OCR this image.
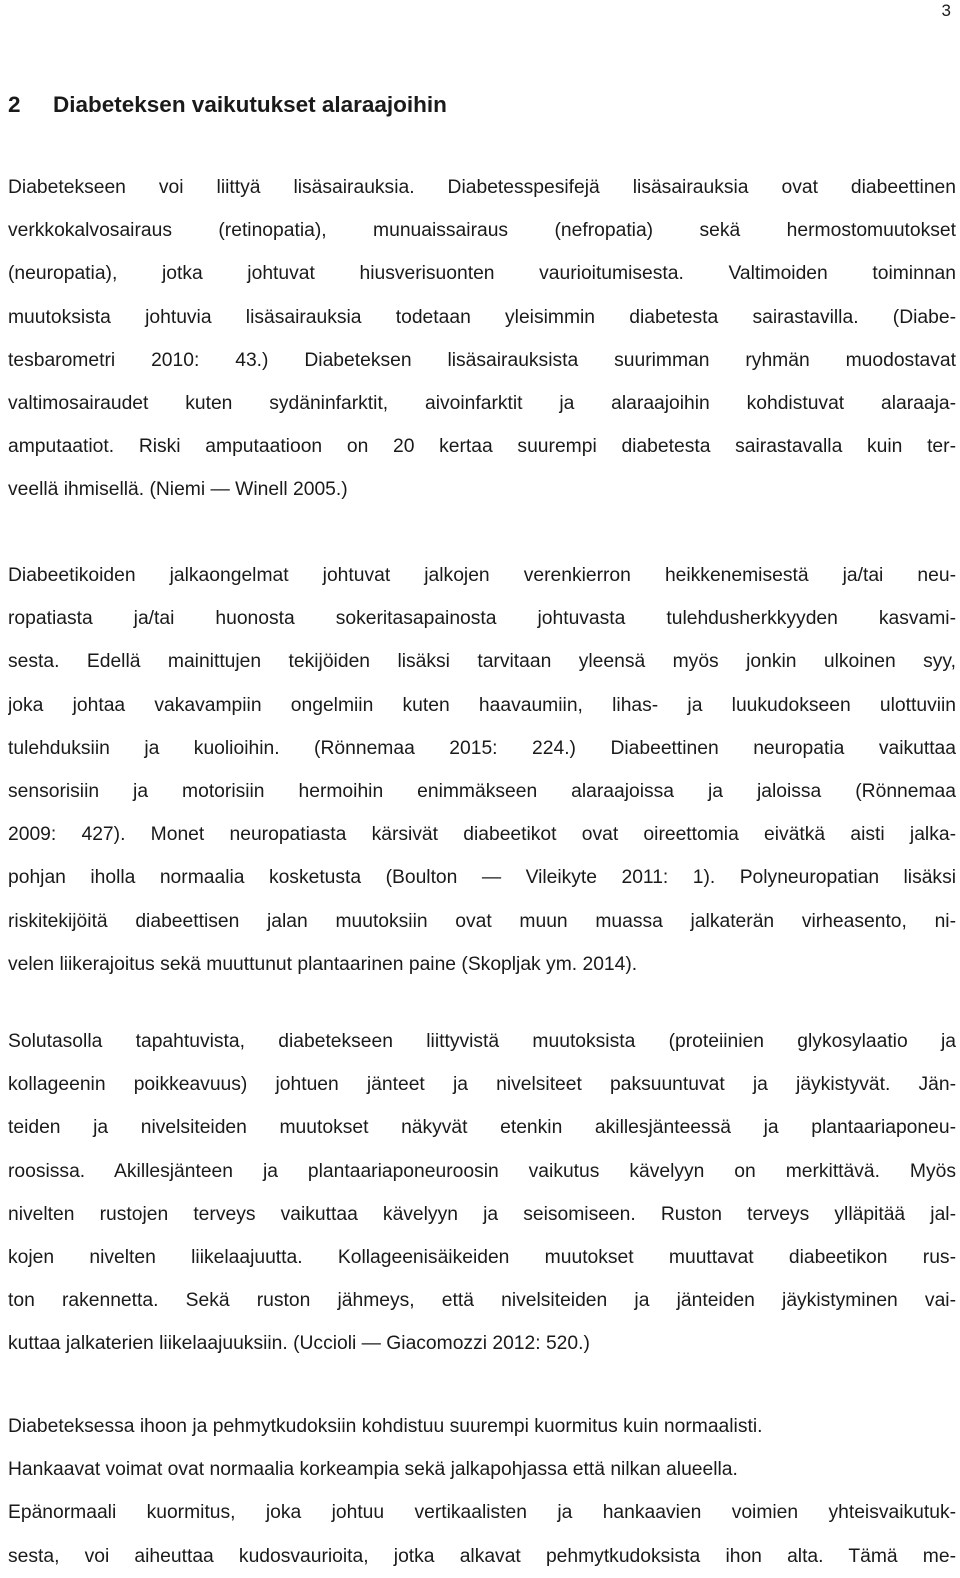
3
2 Diabeteksen vaikutukset alaraajoihin
Diabetekseen voi liittyä lisäsairauksia. Diabetesspesifejä lisäsairauksia ovat diabeettinen
verkkokalvosairaus (retinopatia), munuaissairaus (nefropatia) sekä hermostomuutokset
(neuropatia), jotka johtuvat hiusverisuonten vaurioitumisesta. Valtimoiden toiminnan
muutoksista johtuvia lisäsairauksia todetaan yleisimmin diabetesta sairastavilla. (Diabe-
tesbarometri 2010: 43.) Diabeteksen lisäsairauksista suurimman ryhmän muodostavat
valtimosairaudet kuten sydäninfarktit, aivoinfarktit ja alaraajoihin kohdistuvat alaraaja-
amputaatiot. Riski amputaatioon on 20 kertaa suurempi diabetesta sairastavalla kuin ter-
veellä ihmisellä. (Niemi — Winell 2005.)
Diabeetikoiden jalkaongelmat johtuvat jalkojen verenkierron heikkenemisestä ja/tai neu-
ropatiasta ja/tai huonosta sokeritasapainosta johtuvasta tulehdusherkkyyden kasvami-
sesta. Edellä mainittujen tekijöiden lisäksi tarvitaan yleensä myös jonkin ulkoinen syy,
joka johtaa vakavampiin ongelmiin kuten haavaumiin, lihas- ja luukudokseen ulottuviin
tulehduksiin ja kuolioihin. (Rönnemaa 2015: 224.) Diabeettinen neuropatia vaikuttaa
sensorisiin ja motorisiin hermoihin enimmäkseen alaraajoissa ja jaloissa (Rönnemaa
2009: 427). Monet neuropatiasta kärsivät diabeetikot ovat oireettomia eivätkä aisti jalka-
pohjan iholla normaalia kosketusta (Boulton — Vileikyte 2011: 1). Polyneuropatian lisäksi
riskitekijöitä diabeettisen jalan muutoksiin ovat muun muassa jalkaterän virheasento, ni-
velen liikerajoitus sekä muuttunut plantaarinen paine (Skopljak ym. 2014).
Solutasolla tapahtuvista, diabetekseen liittyvistä muutoksista (proteiinien glykosylaatio ja
kollageenin poikkeavuus) johtuen jänteet ja nivelsiteet paksuuntuvat ja jäykistyvät. Jän-
teiden ja nivelsiteiden muutokset näkyvät etenkin akillesjänteessä ja plantaariaponeu-
roosissa. Akillesjänteen ja plantaariaponeuroosin vaikutus kävelyyn on merkittävä. Myös
nivelten rustojen terveys vaikuttaa kävelyyn ja seisomiseen. Ruston terveys ylläpitää jal-
kojen nivelten liikelaajuutta. Kollageenisäikeiden muutokset muuttavat diabeetikon rus-
ton rakennetta. Sekä ruston jähmeys, että nivelsiteiden ja jänteiden jäykistyminen vai-
kuttaa jalkaterien liikelaajuuksiin. (Uccioli — Giacomozzi 2012: 520.)
Diabeteksessa ihoon ja pehmytkudoksiin kohdistuu suurempi kuormitus kuin normaalisti.
Hankaavat voimat ovat normaalia korkeampia sekä jalkapohjassa että nilkan alueella.
Epänormaali kuormitus, joka johtuu vertikaalisten ja hankaavien voimien yhteisvaikutuk-
sesta, voi aiheuttaa kudosvaurioita, jotka alkavat pehmytkudoksista ihon alta. Tämä me-
